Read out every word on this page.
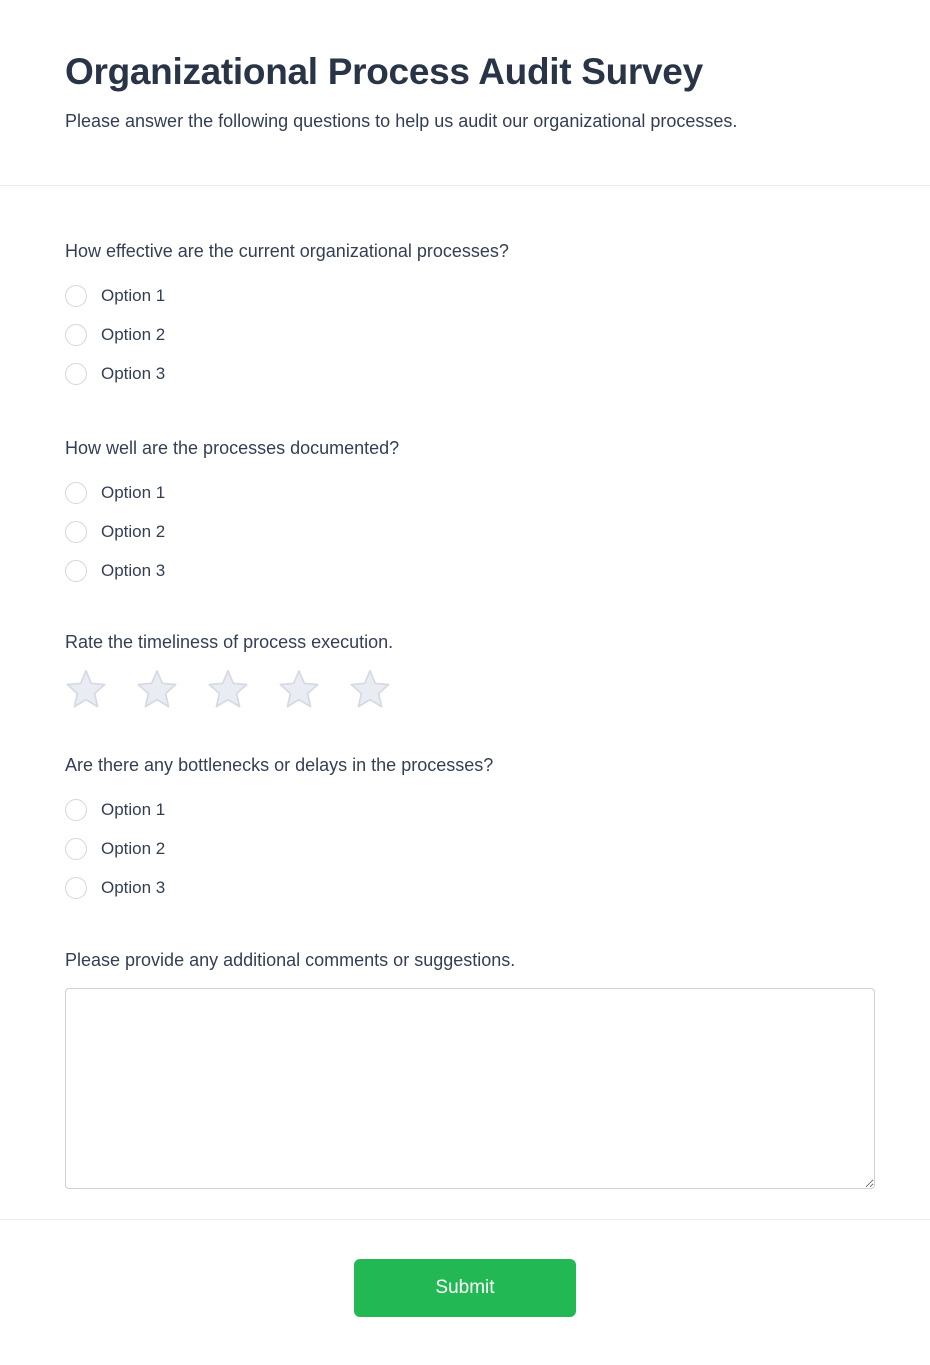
Organizational Process Audit Survey

Please answer the following questions to help us audit our organizational processes.

How effective are the current organizational processes?
Option 1
Option 2
Option 3
How well are the processes documented?
Option 1
Option 2
Option 3
Rate the timeliness of process execution.
Are there any bottlenecks or delays in the processes?
Option 1
Option 2
Option 3
Please provide any additional comments or suggestions.
Submit
